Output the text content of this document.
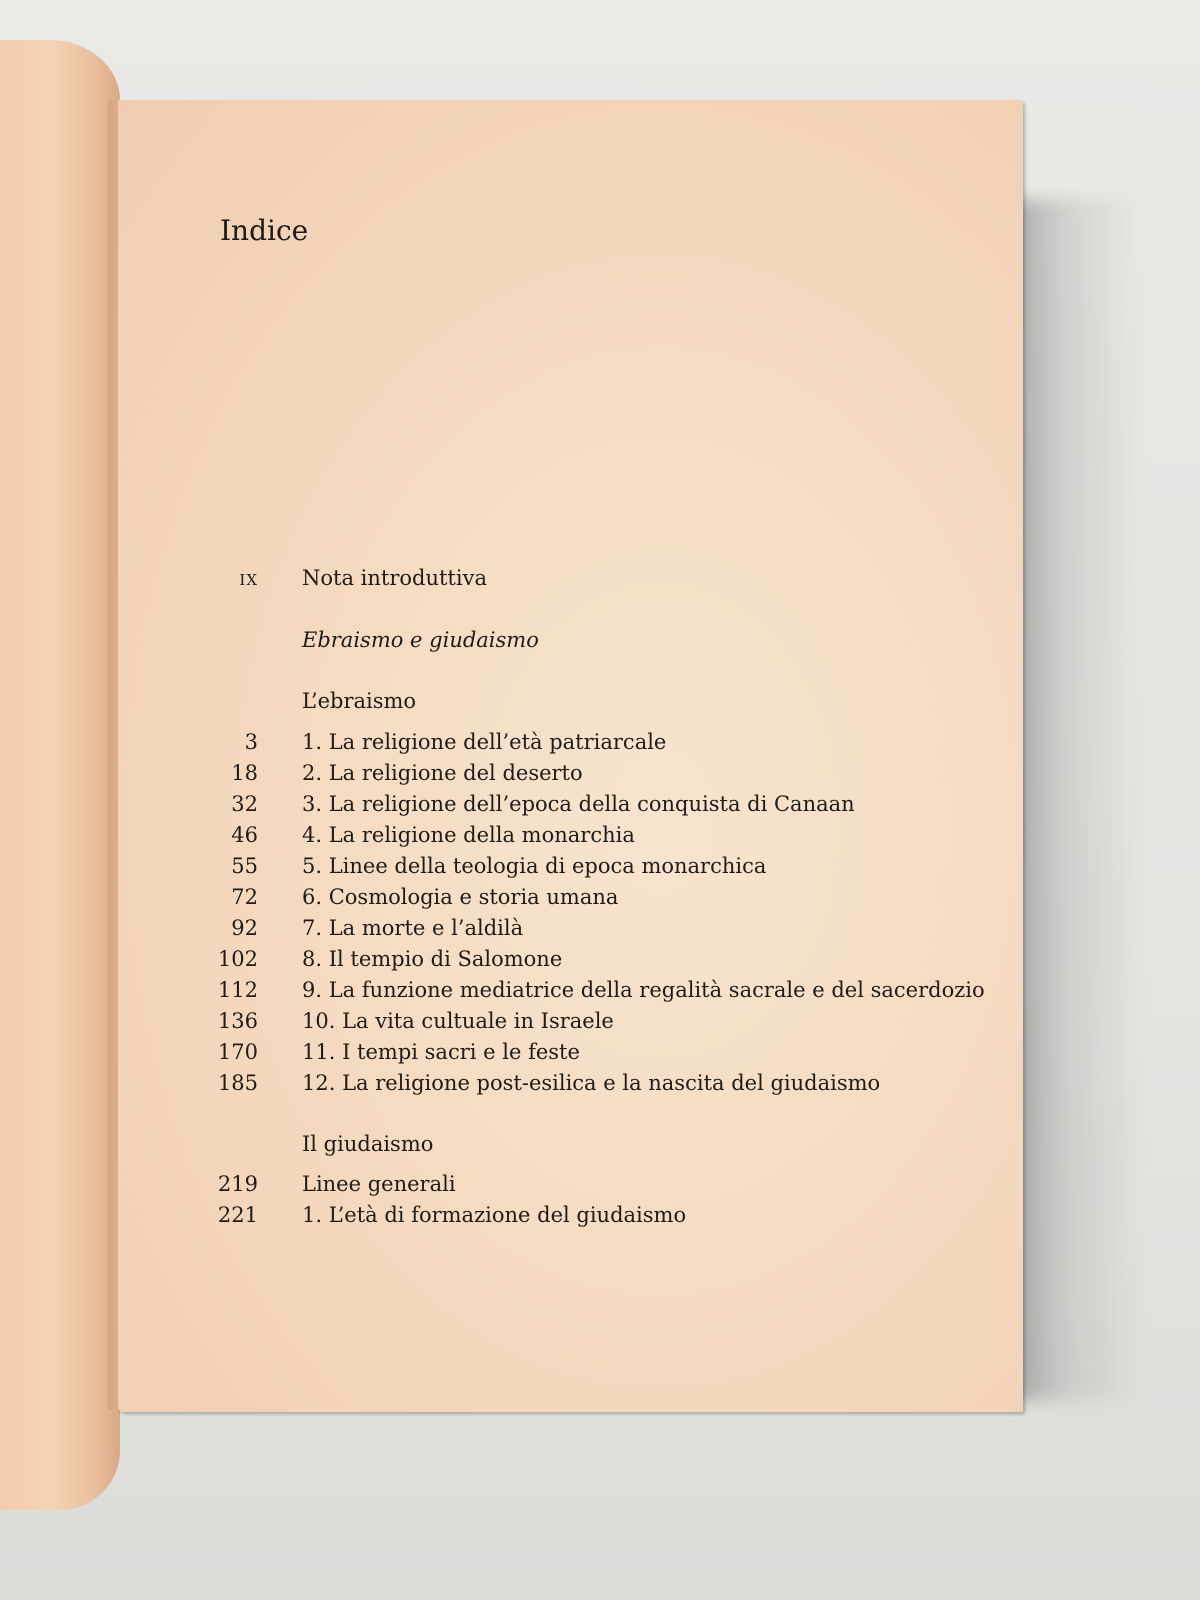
Indice
IX Nota introduttiva
Ebraismo e giudaismo
L’ebraismo
3 1. La religione dell’età patriarcale
18 2. La religione del deserto
32 3. La religione dell’epoca della conquista di Canaan
46 4. La religione della monarchia
55 5. Linee della teologia di epoca monarchica
72 6. Cosmologia e storia umana
92 7. La morte e l’aldilà
102 8. Il tempio di Salomone
112 9. La funzione mediatrice della regalità sacrale e del sacerdozio
136 10. La vita cultuale in Israele
170 11. I tempi sacri e le feste
185 12. La religione post-esilica e la nascita del giudaismo
Il giudaismo
219 Linee generali
221 1. L’età di formazione del giudaismo
